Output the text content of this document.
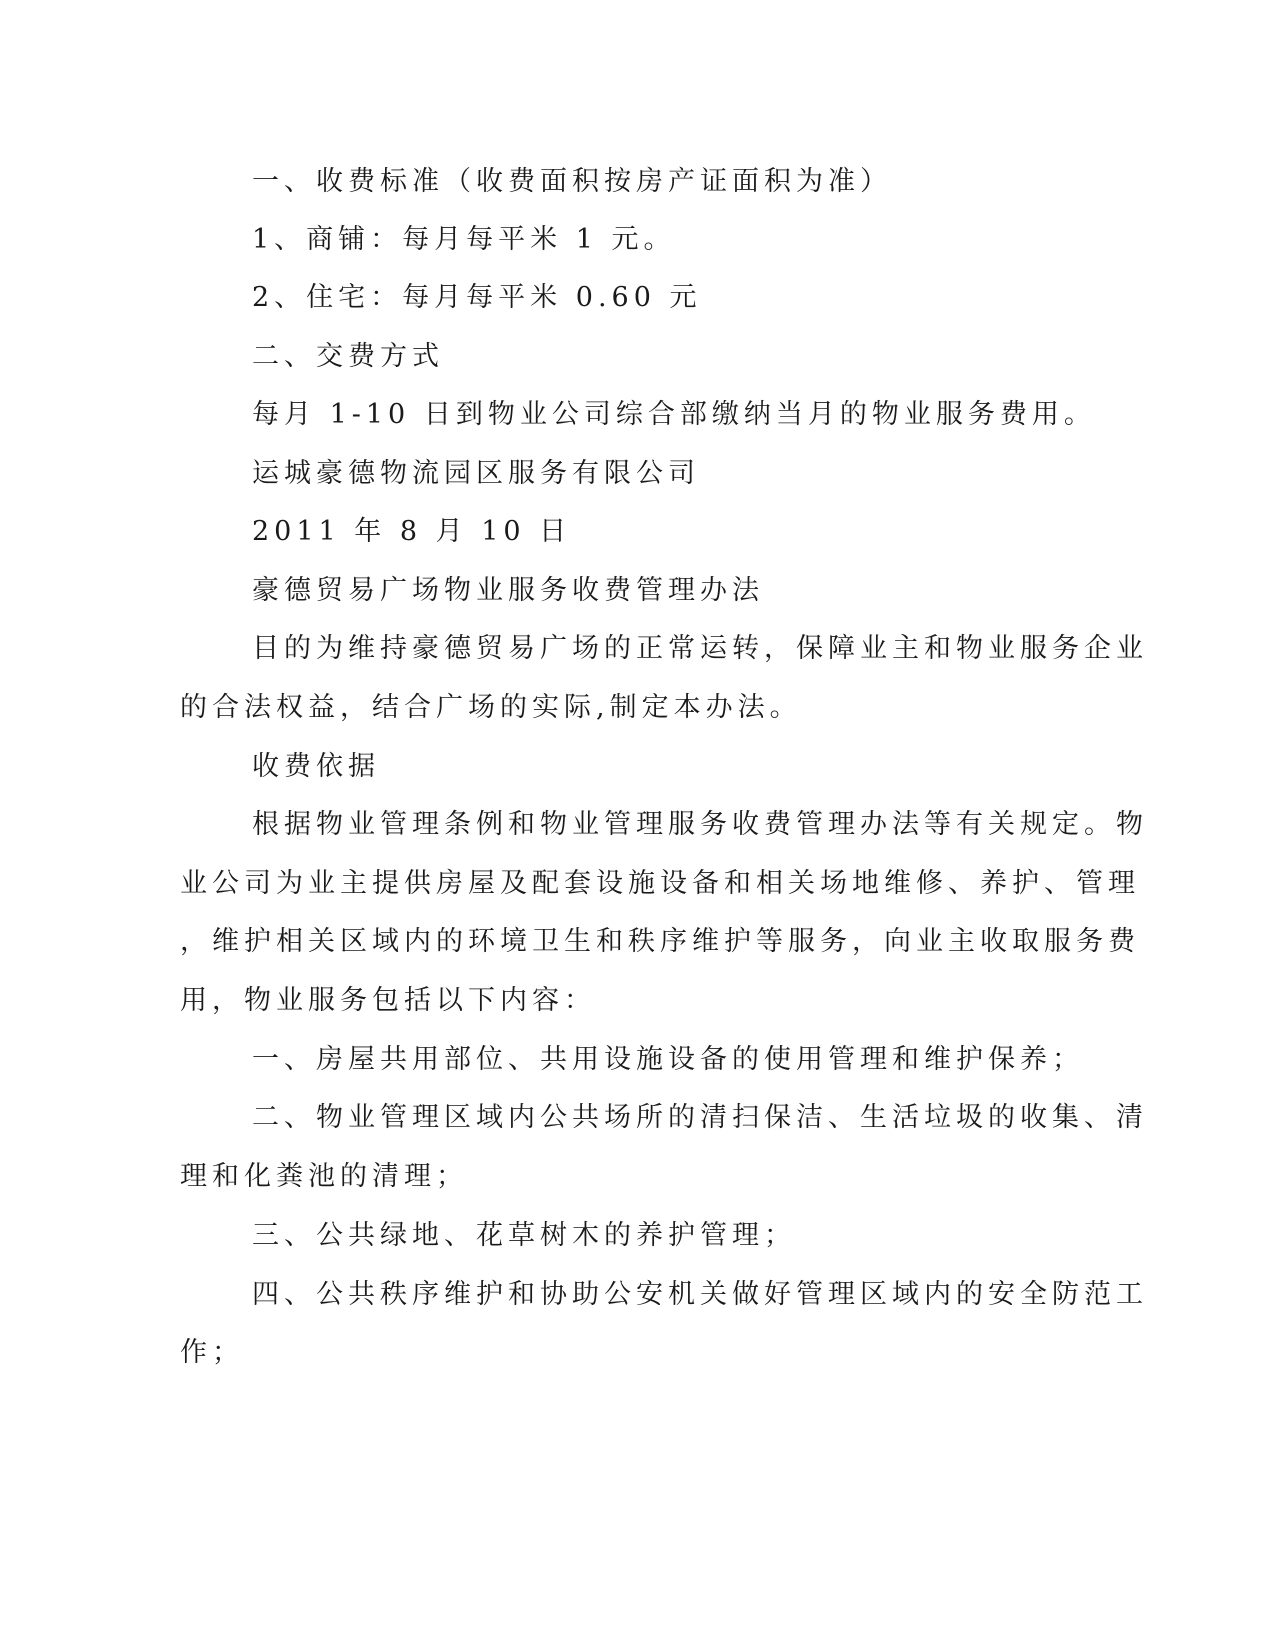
一、收费标准（收费面积按房产证面积为准）
1、商铺：每月每平米 1 元。
2、住宅：每月每平米 0.60 元
二、交费方式
每月 1-10 日到物业公司综合部缴纳当月的物业服务费用。
运城豪德物流园区服务有限公司
2011 年 8 月 10 日
豪德贸易广场物业服务收费管理办法
目的为维持豪德贸易广场的正常运转，保障业主和物业服务企业
的合法权益，结合广场的实际,制定本办法。
收费依据
根据物业管理条例和物业管理服务收费管理办法等有关规定。物
业公司为业主提供房屋及配套设施设备和相关场地维修、养护、管理
，维护相关区域内的环境卫生和秩序维护等服务，向业主收取服务费
用，物业服务包括以下内容：
一、房屋共用部位、共用设施设备的使用管理和维护保养；
二、物业管理区域内公共场所的清扫保洁、生活垃圾的收集、清
理和化粪池的清理；
三、公共绿地、花草树木的养护管理；
四、公共秩序维护和协助公安机关做好管理区域内的安全防范工
作；
